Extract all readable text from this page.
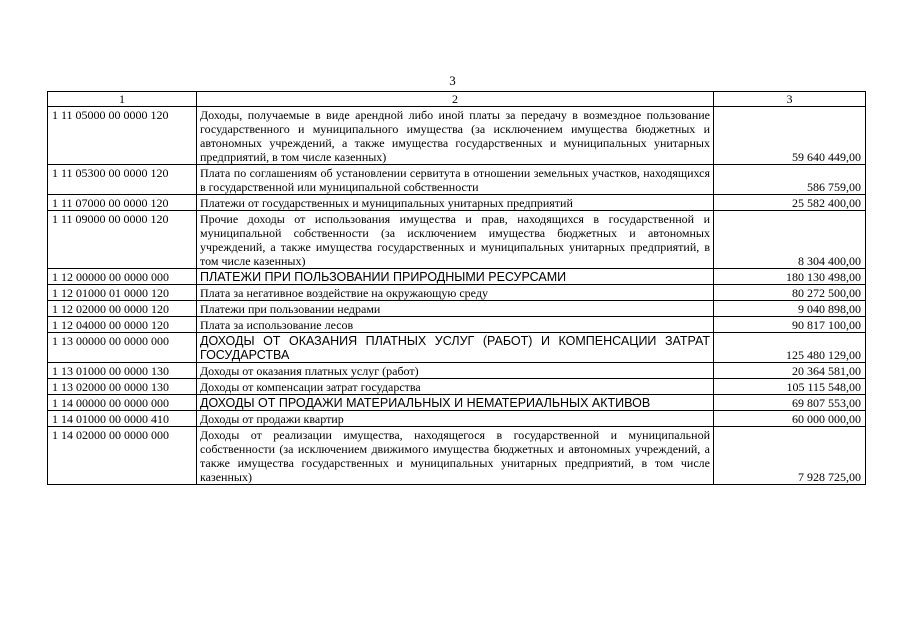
3
1	2	3
1 11 05000 00 0000 120	Доходы, получаемые в виде арендной либо иной платы за передачу в возмездное пользование государственного и муниципального имущества (за исключением имущества бюджетных и автономных учреждений, а также имущества государственных и муниципальных унитарных предприятий, в том числе казенных)	59 640 449,00
1 11 05300 00 0000 120	Плата по соглашениям об установлении сервитута в отношении земельных участков, находящихся в государственной или муниципальной собственности	586 759,00
1 11 07000 00 0000 120	Платежи от государственных и муниципальных унитарных предприятий	25 582 400,00
1 11 09000 00 0000 120	Прочие доходы от использования имущества и прав, находящихся в государственной и муниципальной собственности (за исключением имущества бюджетных и автономных учреждений, а также имущества государственных и муниципальных унитарных предприятий, в том числе казенных)	8 304 400,00
1 12 00000 00 0000 000	ПЛАТЕЖИ ПРИ ПОЛЬЗОВАНИИ ПРИРОДНЫМИ РЕСУРСАМИ	180 130 498,00
1 12 01000 01 0000 120	Плата за негативное воздействие на окружающую среду	80 272 500,00
1 12 02000 00 0000 120	Платежи при пользовании недрами	9 040 898,00
1 12 04000 00 0000 120	Плата за использование лесов	90 817 100,00
1 13 00000 00 0000 000	ДОХОДЫ ОТ ОКАЗАНИЯ ПЛАТНЫХ УСЛУГ (РАБОТ) И КОМПЕНСАЦИИ ЗАТРАТ ГОСУДАРСТВА	125 480 129,00
1 13 01000 00 0000 130	Доходы от оказания платных услуг (работ)	20 364 581,00
1 13 02000 00 0000 130	Доходы от компенсации затрат государства	105 115 548,00
1 14 00000 00 0000 000	ДОХОДЫ ОТ ПРОДАЖИ МАТЕРИАЛЬНЫХ И НЕМАТЕРИАЛЬНЫХ АКТИВОВ	69 807 553,00
1 14 01000 00 0000 410	Доходы от продажи квартир	60 000 000,00
1 14 02000 00 0000 000	Доходы от реализации имущества, находящегося в государственной и муниципальной собственности (за исключением движимого имущества бюджетных и автономных учреждений, а также имущества государственных и муниципальных унитарных предприятий, в том числе казенных)	7 928 725,00
